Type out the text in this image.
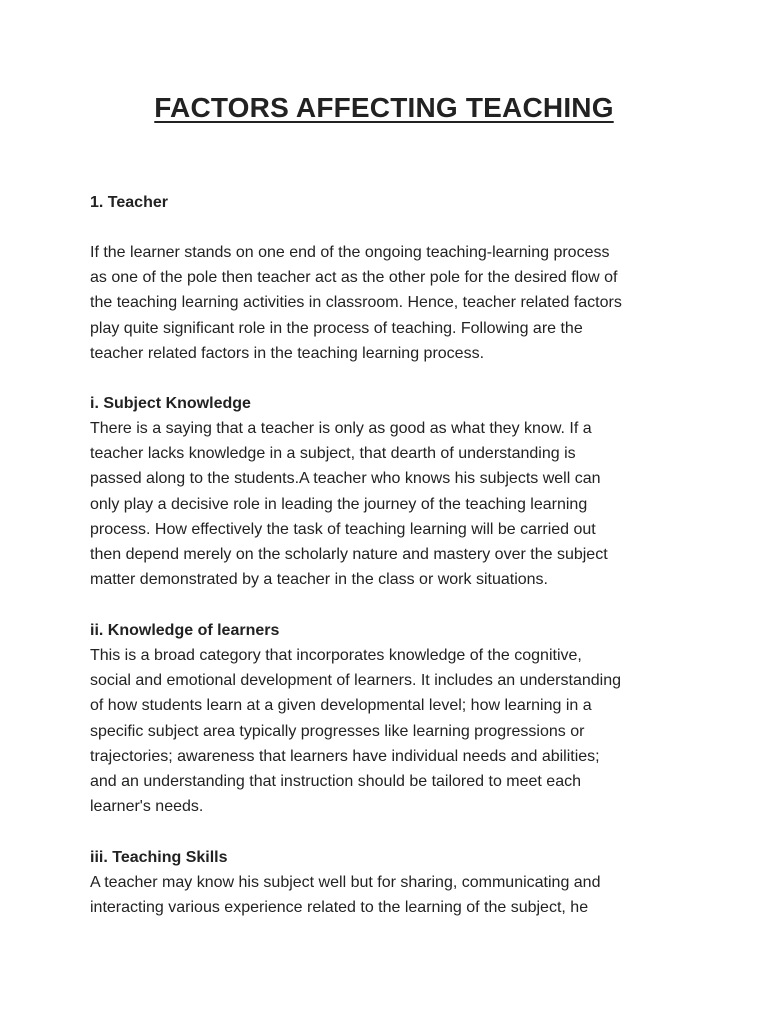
FACTORS AFFECTING TEACHING
1. Teacher

If the learner stands on one end of the ongoing teaching-learning process

as one of the pole then teacher act as the other pole for the desired flow of

the teaching learning activities in classroom. Hence, teacher related factors

play quite significant role in the process of teaching. Following are the

teacher related factors in the teaching learning process.

i. Subject Knowledge

There is a saying that a teacher is only as good as what they know. If a

teacher lacks knowledge in a subject, that dearth of understanding is

passed along to the students.A teacher who knows his subjects well can

only play a decisive role in leading the journey of the teaching learning

process. How effectively the task of teaching learning will be carried out

then depend merely on the scholarly nature and mastery over the subject

matter demonstrated by a teacher in the class or work situations.

ii. Knowledge of learners

This is a broad category that incorporates knowledge of the cognitive,

social and emotional development of learners. It includes an understanding

of how students learn at a given developmental level; how learning in a

specific subject area typically progresses like learning progressions or

trajectories; awareness that learners have individual needs and abilities;

and an understanding that instruction should be tailored to meet each

learner's needs.

iii. Teaching Skills

A teacher may know his subject well but for sharing, communicating and

interacting various experience related to the learning of the subject, he
